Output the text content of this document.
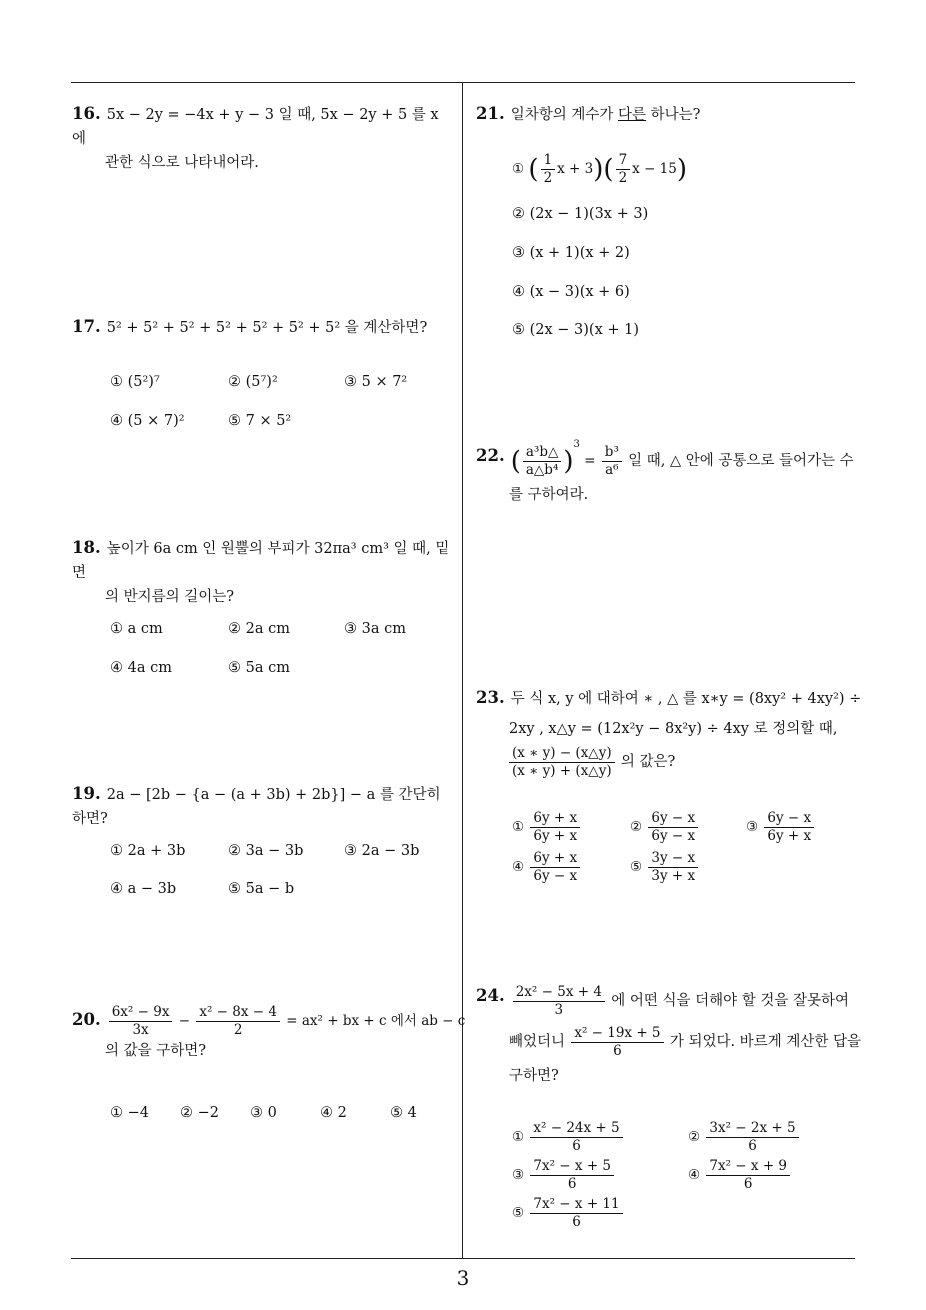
16. 5x − 2y = −4x + y − 3 일 때, 5x − 2y + 5 를 x 에
관한 식으로 나타내어라.
17. 5² + 5² + 5² + 5² + 5² + 5² + 5² 을 계산하면?
① (5²)⁷	② (5⁷)²	③ 5 × 7²
④ (5 × 7)²	⑤ 7 × 5²
18. 높이가 6a cm 인 원뿔의 부피가 32πa³ cm³ 일 때, 밑면
의 반지름의 길이는?
① a cm	② 2a cm	③ 3a cm
④ 4a cm	⑤ 5a cm
19. 2a − [2b − {a − (a + 3b) + 2b}] − a 를 간단히 하면?
① 2a + 3b	② 3a − 3b	③ 2a − 3b
④ a − 3b	⑤ 5a − b
20. $\frac{\text{6x² − 9x}}{3x} - \frac{\text{x² − 8x − 4}}{2} = ax^2$ + bx + c 에서 ab − c
의 값을 구하면?
① −4 ② −2 ③ 0	④ 2	⑤ 4
21. 일차항의 계수가 다른 하나는?
① ( $\frac{1}{2}$ $x + 3)( \frac{7}{2}$ x − 15)
② (2x − 1)(3x + 3)
③ (x + 1)(x + 2)
④ (x − 3)(x + 6)
⑤ (2x − 3)(x + 1)
22. ( $\frac{\text{a³b△}}{\text{a△b⁴}} )^3 = \frac{\text{b³}}{\text{a⁶}}$ 일 때, △ 안에 공통으로 들어가는 수
를 구하여라.
23. 두 식 x, y 에 대하여 ∗ , △ 를 x∗y = (8xy² + 4xy²) ÷
2xy , x△y = (12x²y − 8x²y) ÷ 4xy 로 정의할 때,
$\frac{(x ∗ y) - (x\triangle y)}{(x ∗ y) + (x\triangle y)}$ 의 값은?
① $\frac{6y + x}{6y + x}$	② $\frac{6y - x}{6y - x}$	③ $\frac{6y - x}{6y + x}$
④ $\frac{6y + x}{6y - x}$	⑤ $\frac{3y - x}{3y + x}$
24. $\frac{\text{2x² − 5x + 4}}{3}$ 에 어떤 식을 더해야 할 것을 잘못하여
빼었더니 $\frac{\text{x² − 19x + 5}}{6}$ 가 되었다. 바르게 계산한 답을
구하면?
① $\frac{\text{x² − 24x + 5}}{6}$	② $\frac{\text{3x² − 2x + 5}}{6}$
③ $\frac{\text{7x² − x + 5}}{6}$	④ $\frac{\text{7x² − x + 9}}{6}$
⑤ $\frac{\text{7x² − x + 11}}{6}$
3
